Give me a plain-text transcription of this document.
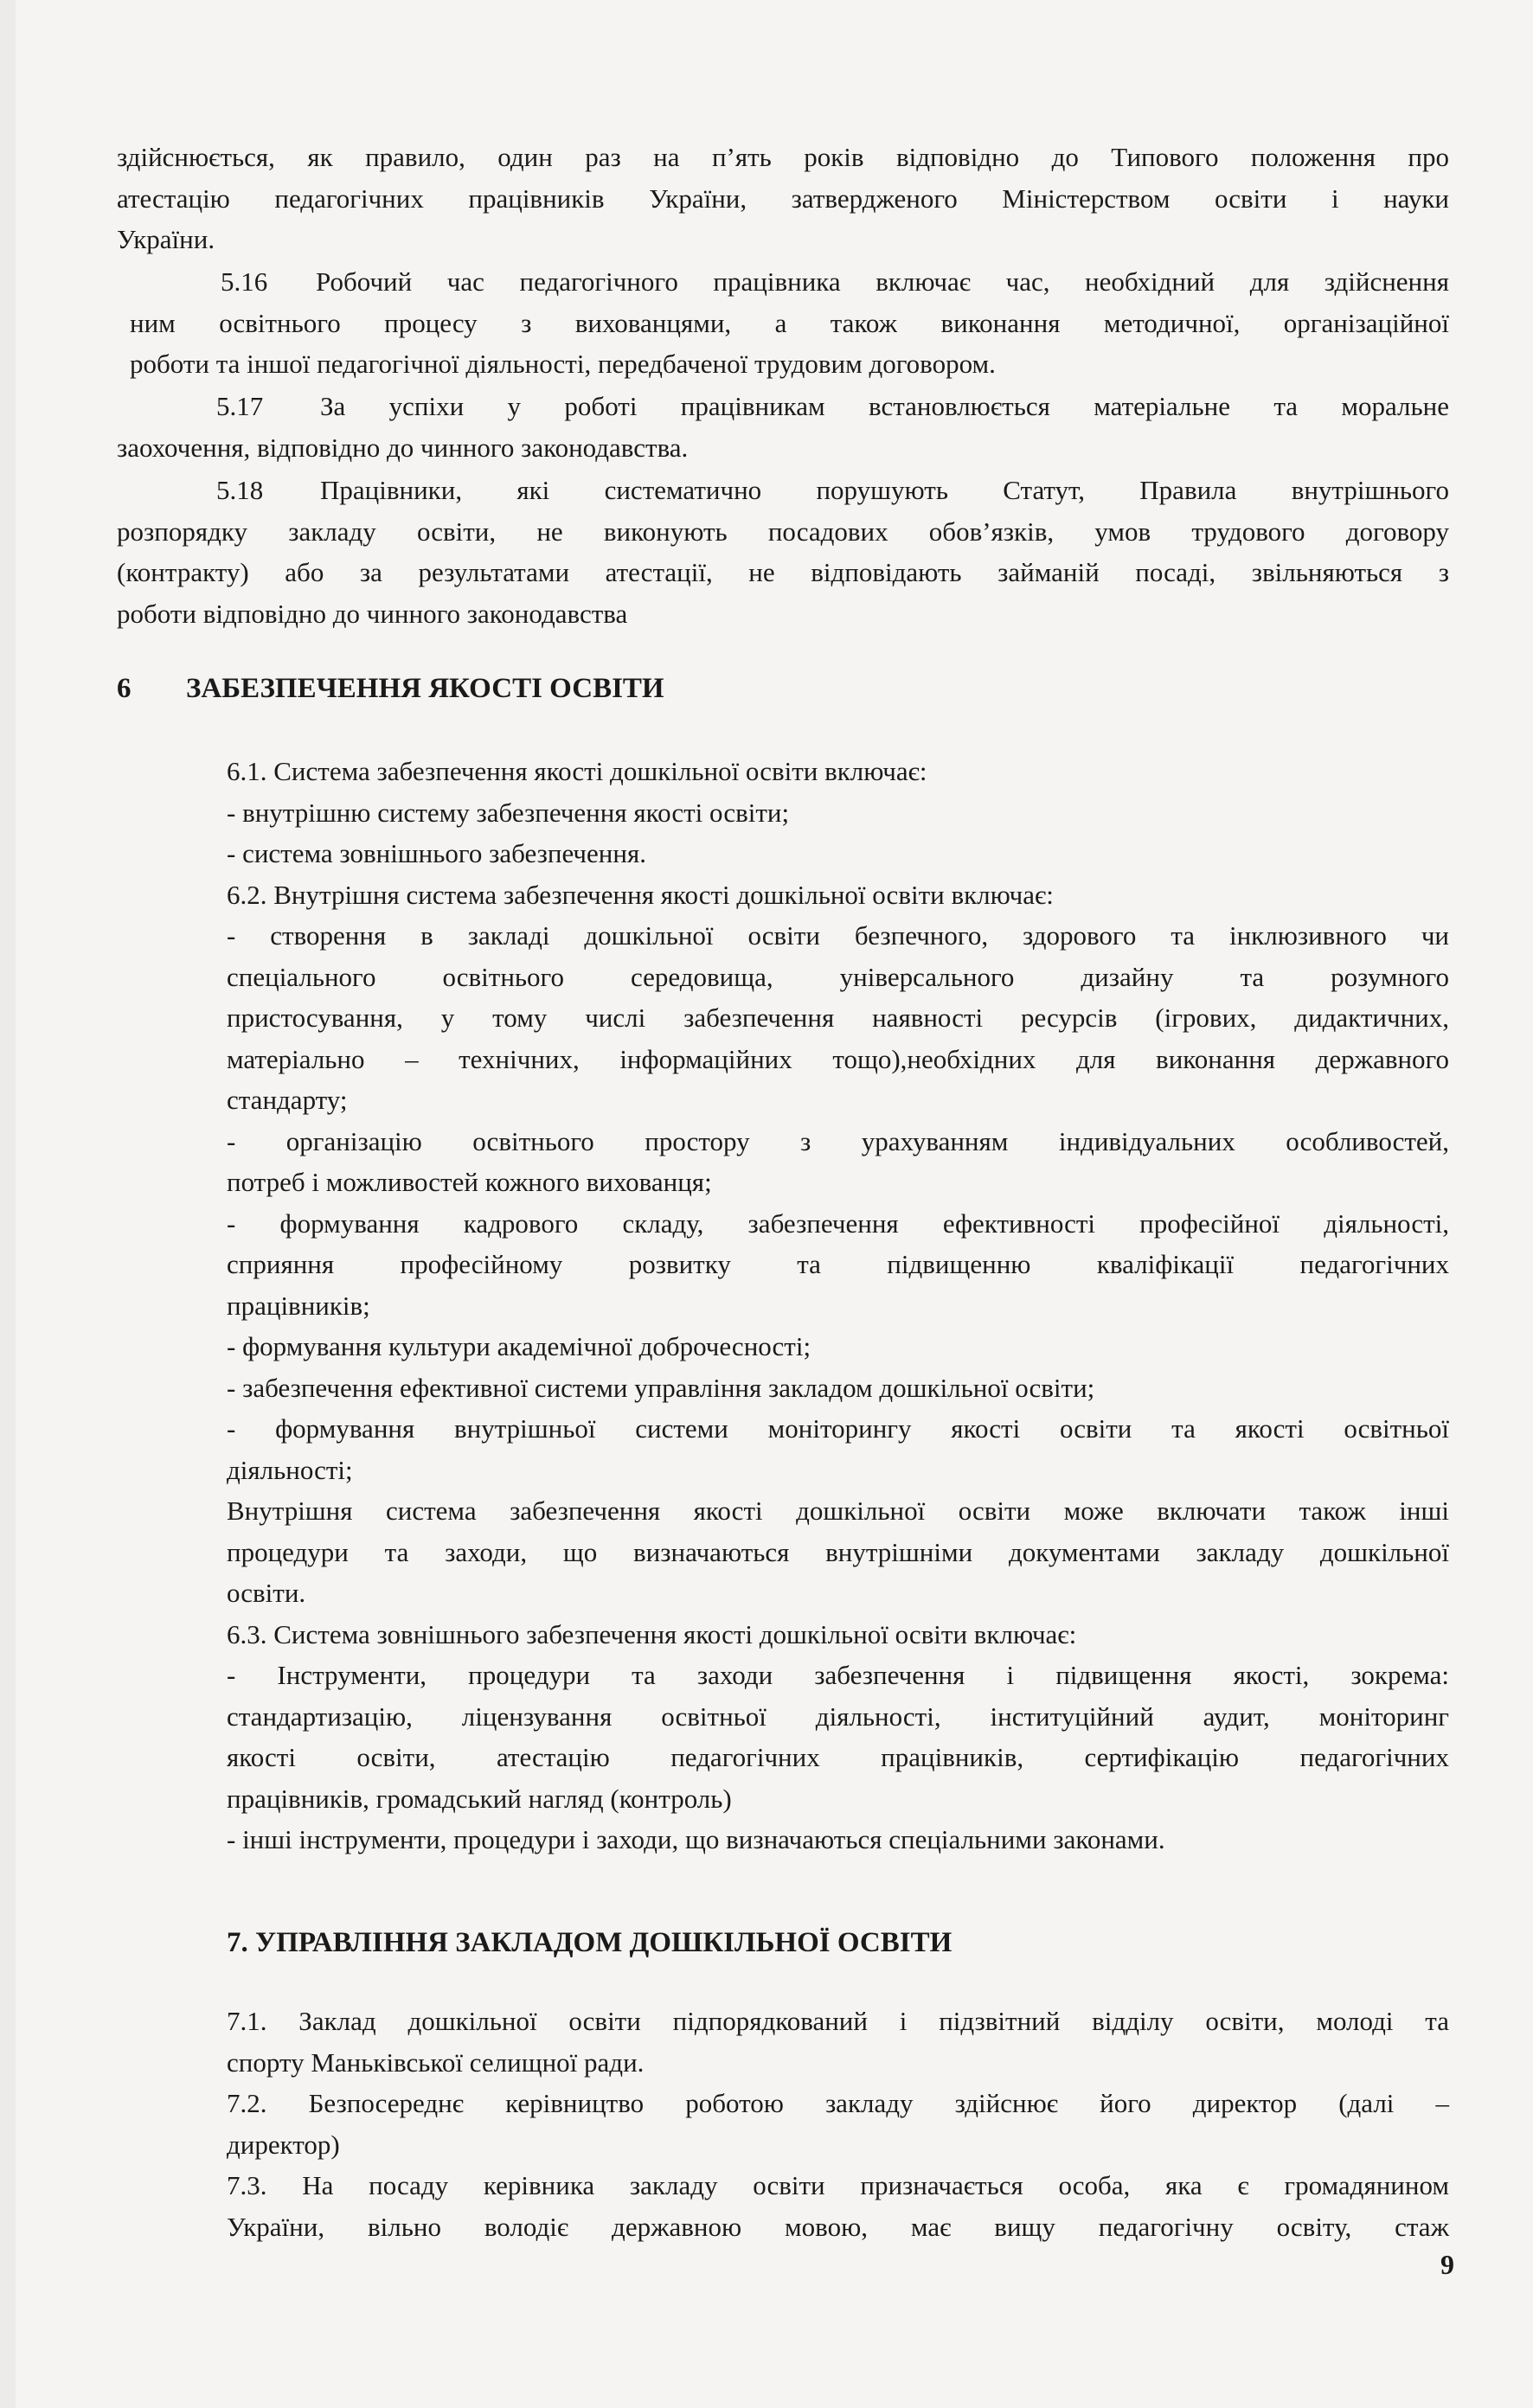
здійснюється, як правило, один раз на п’ять років відповідно до Типового положення про
атестацію педагогічних працівників України, затвердженого Міністерством освіти і науки
України.
5.16 Робочий час педагогічного працівника включає час, необхідний для здійснення
ним освітнього процесу з вихованцями, а також виконання методичної, організаційної
роботи та іншої педагогічної діяльності, передбаченої трудовим договором.
5.17 За успіхи у роботі працівникам встановлюється матеріальне та моральне
заохочення, відповідно до чинного законодавства.
5.18 Працівники, які систематично порушують Статут, Правила внутрішнього
розпорядку закладу освіти, не виконують посадових обов’язків, умов трудового договору
(контракту) або за результатами атестації, не відповідають займаній посаді, звільняються з
роботи відповідно до чинного законодавства
6 ЗАБЕЗПЕЧЕННЯ ЯКОСТІ ОСВІТИ
6.1. Система забезпечення якості дошкільної освіти включає:
- внутрішню систему забезпечення якості освіти;
- система зовнішнього забезпечення.
6.2. Внутрішня система забезпечення якості дошкільної освіти включає:
- створення в закладі дошкільної освіти безпечного, здорового та інклюзивного чи
спеціального освітнього середовища, універсального дизайну та розумного
пристосування, у тому числі забезпечення наявності ресурсів (ігрових, дидактичних,
матеріально – технічних, інформаційних тощо),необхідних для виконання державного
стандарту;
- організацію освітнього простору з урахуванням індивідуальних особливостей,
потреб і можливостей кожного вихованця;
- формування кадрового складу, забезпечення ефективності професійної діяльності,
сприяння професійному розвитку та підвищенню кваліфікації педагогічних
працівників;
- формування культури академічної доброчесності;
- забезпечення ефективної системи управління закладом дошкільної освіти;
- формування внутрішньої системи моніторингу якості освіти та якості освітньої
діяльності;
Внутрішня система забезпечення якості дошкільної освіти може включати також інші
процедури та заходи, що визначаються внутрішніми документами закладу дошкільної
освіти.
6.3. Система зовнішнього забезпечення якості дошкільної освіти включає:
- Інструменти, процедури та заходи забезпечення і підвищення якості, зокрема:
стандартизацію, ліцензування освітньої діяльності, інституційний аудит, моніторинг
якості освіти, атестацію педагогічних працівників, сертифікацію педагогічних
працівників, громадський нагляд (контроль)
- інші інструменти, процедури і заходи, що визначаються спеціальними законами.
7. УПРАВЛІННЯ ЗАКЛАДОМ ДОШКІЛЬНОЇ ОСВІТИ
7.1. Заклад дошкільної освіти підпорядкований і підзвітний відділу освіти, молоді та
спорту Маньківської селищної ради.
7.2. Безпосереднє керівництво роботою закладу здійснює його директор (далі –
директор)
7.3. На посаду керівника закладу освіти призначається особа, яка є громадянином
України, вільно володіє державною мовою, має вищу педагогічну освіту, стаж
9
